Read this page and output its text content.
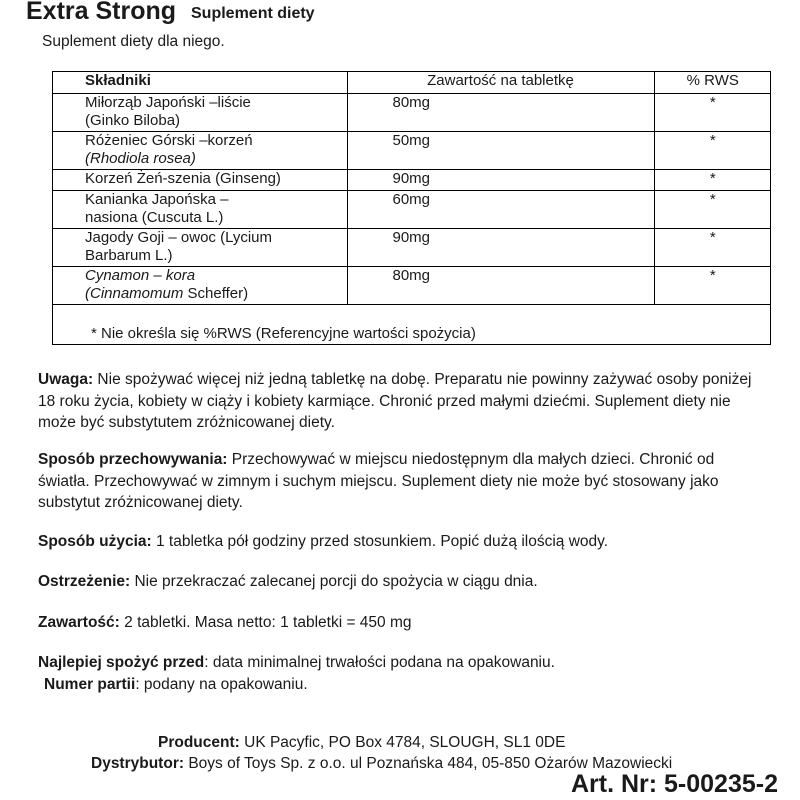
Extra Strong Suplement diety
Suplement diety dla niego.
Składniki	Zawartość na tabletkę	% RWS
Miłorząb Japoński –liście
(Ginko Biloba)	80mg	*
Różeniec Górski –korzeń
(Rhodiola rosea)	50mg	*
Korzeń Żeń-szenia (Ginseng)	90mg	*
Kanianka Japońska –
nasiona (Cuscuta L.)	60mg	*
Jagody Goji – owoc (Lycium
Barbarum L.)	90mg	*
Cynamon – kora
(Cinnamomum Scheffer)	80mg	*
* Nie określa się %RWS (Referencyjne wartości spożycia)
Uwaga: Nie spożywać więcej niż jedną tabletkę na dobę. Preparatu nie powinny zażywać osoby poniżej 18 roku życia, kobiety w ciąży i kobiety karmiące. Chronić przed małymi dziećmi. Suplement diety nie może być substytutem zróżnicowanej diety.
Sposób przechowywania: Przechowywać w miejscu niedostępnym dla małych dzieci. Chronić od światła. Przechowywać w zimnym i suchym miejscu. Suplement diety nie może być stosowany jako substytut zróżnicowanej diety.
Sposób użycia: 1 tabletka pół godziny przed stosunkiem. Popić dużą ilością wody.
Ostrzeżenie: Nie przekraczać zalecanej porcji do spożycia w ciągu dnia.
Zawartość: 2 tabletki. Masa netto: 1 tabletki = 450 mg
Najlepiej spożyć przed: data minimalnej trwałości podana na opakowaniu.
Numer partii: podany na opakowaniu.
Producent: UK Pacyfic, PO Box 4784, SLOUGH, SL1 0DE
Dystrybutor: Boys of Toys Sp. z o.o. ul Poznańska 484, 05-850 Ożarów Mazowiecki
Art. Nr: 5-00235-2
